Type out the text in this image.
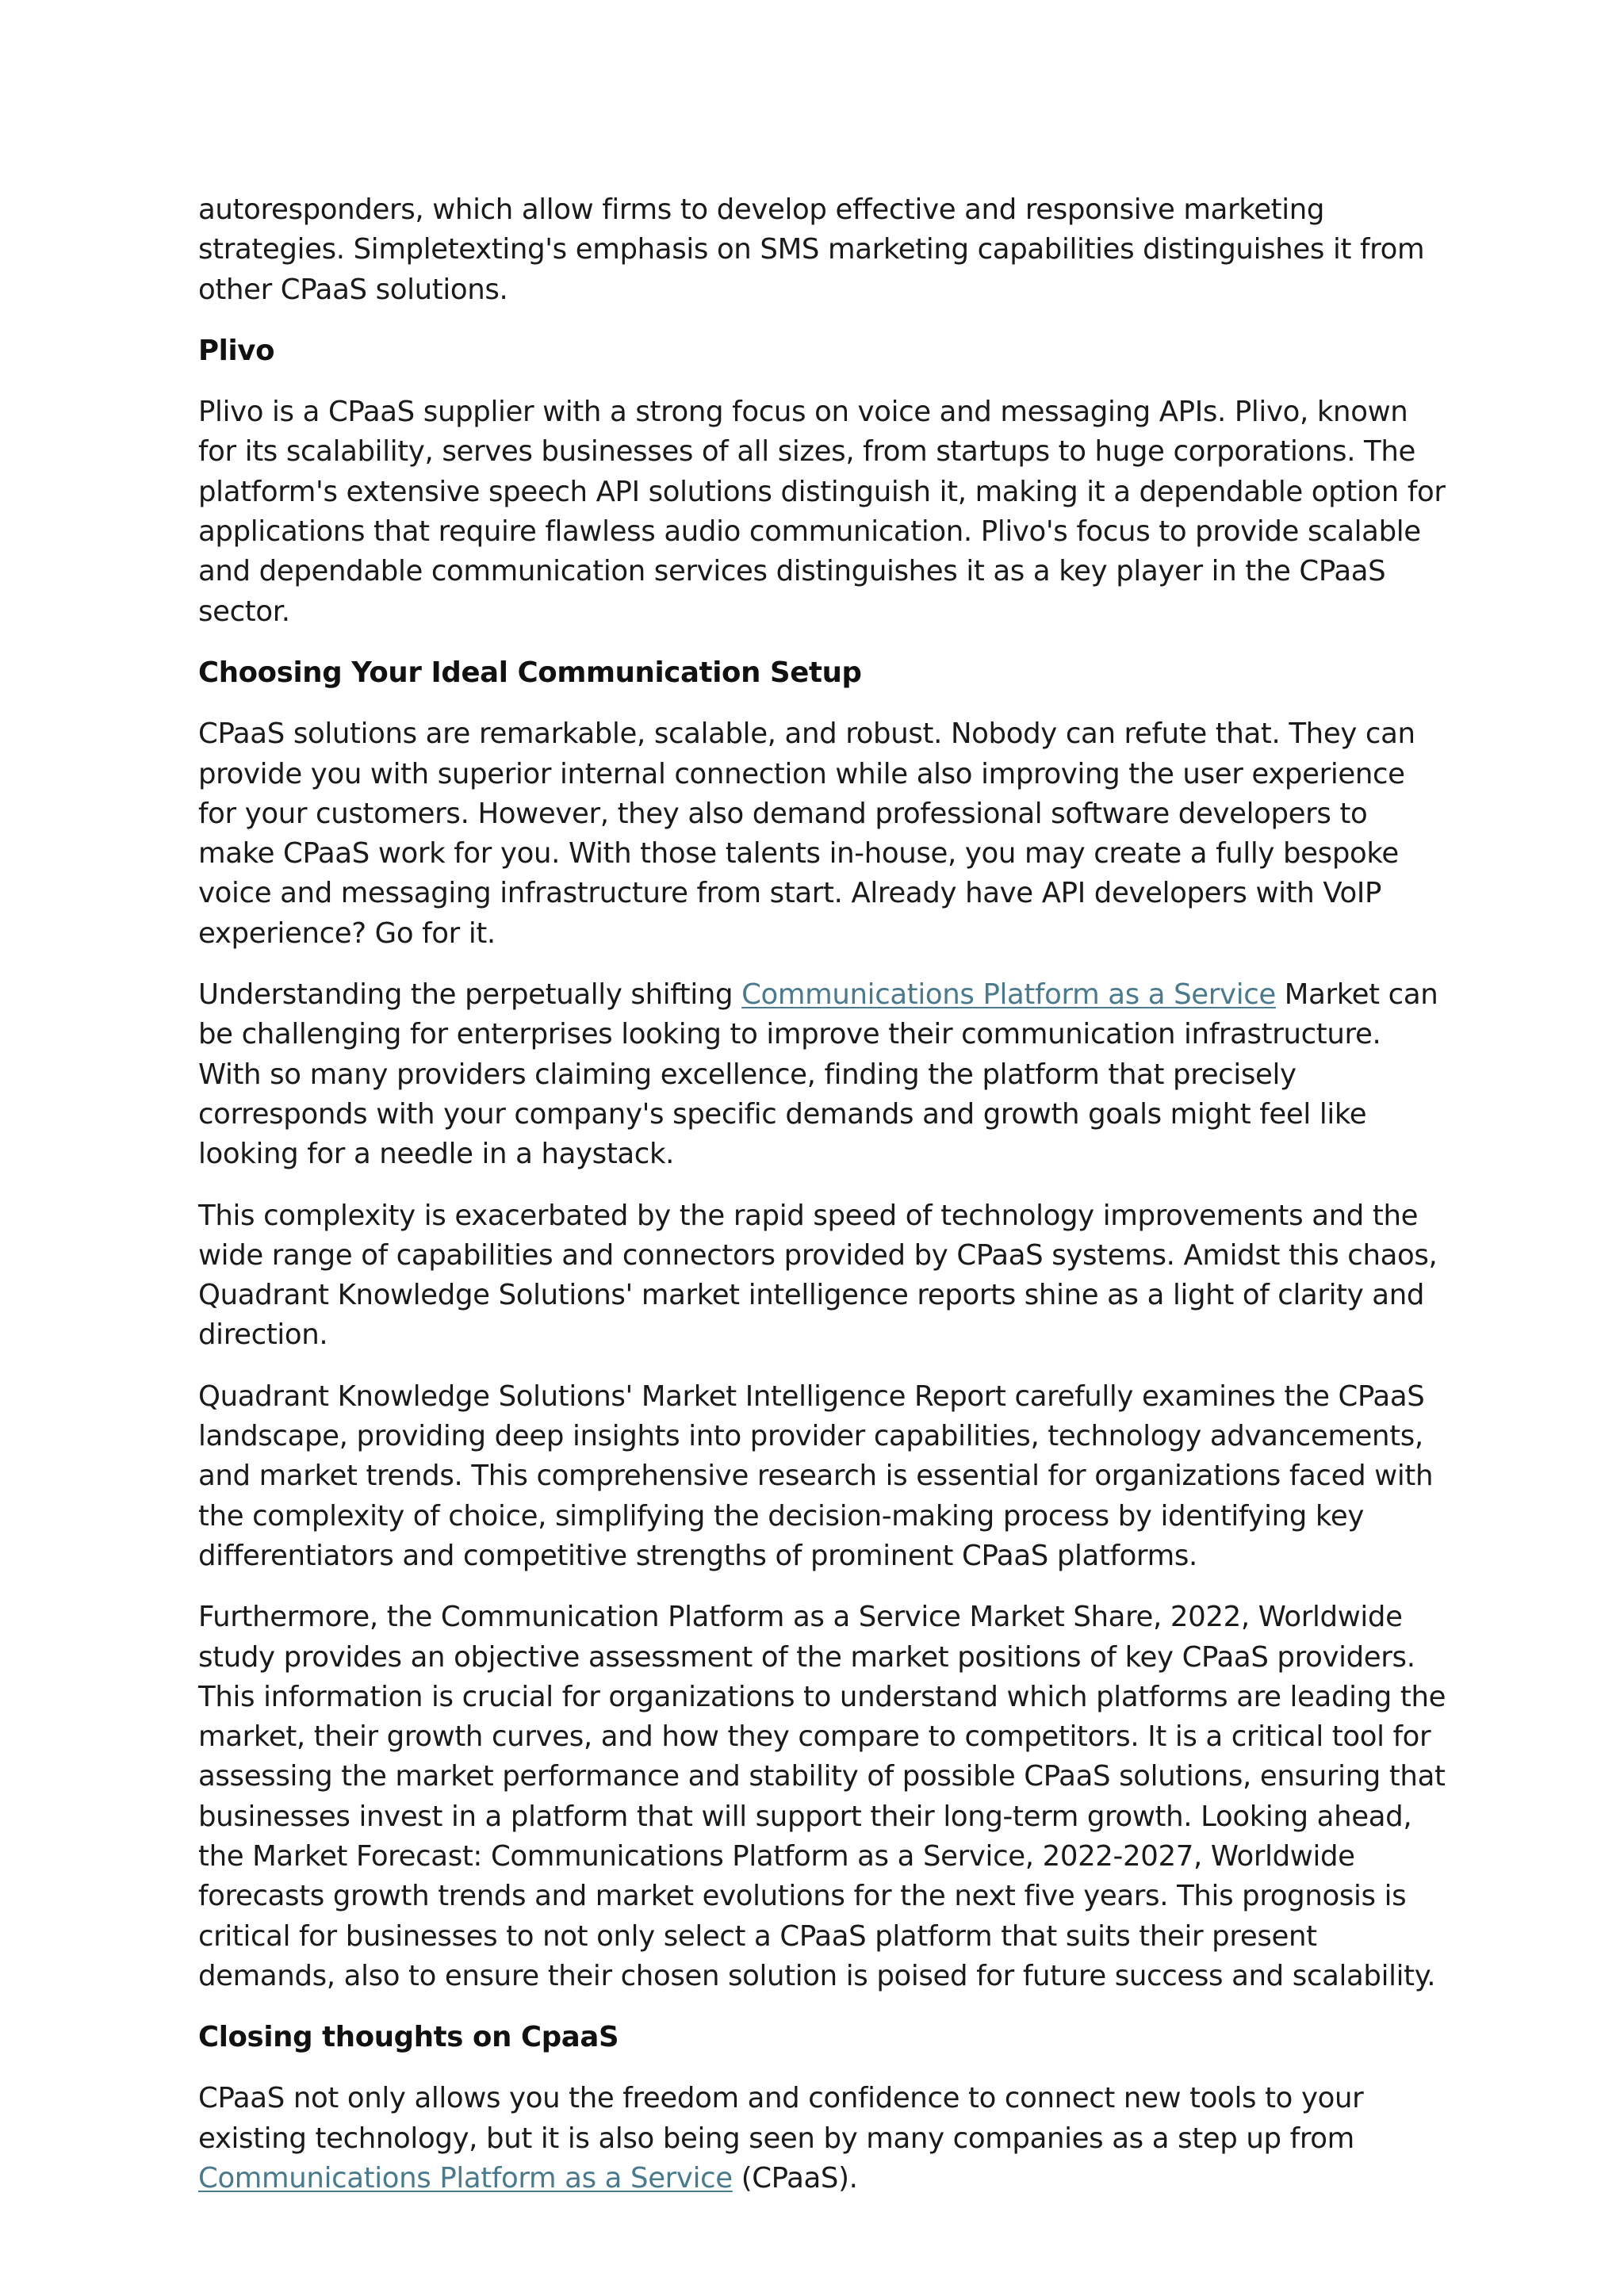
autoresponders, which allow firms to develop effective and responsive marketing strategies. Simpletexting's emphasis on SMS marketing capabilities distinguishes it from other CPaaS solutions.

Plivo

Plivo is a CPaaS supplier with a strong focus on voice and messaging APIs. Plivo, known for its scalability, serves businesses of all sizes, from startups to huge corporations. The platform's extensive speech API solutions distinguish it, making it a dependable option for applications that require flawless audio communication. Plivo's focus to provide scalable and dependable communication services distinguishes it as a key player in the CPaaS sector.

Choosing Your Ideal Communication Setup

CPaaS solutions are remarkable, scalable, and robust. Nobody can refute that. They can provide you with superior internal connection while also improving the user experience for your customers. However, they also demand professional software developers to make CPaaS work for you. With those talents in-house, you may create a fully bespoke voice and messaging infrastructure from start. Already have API developers with VoIP experience? Go for it.

Understanding the perpetually shifting Communications Platform as a Service Market can be challenging for enterprises looking to improve their communication infrastructure. With so many providers claiming excellence, finding the platform that precisely corresponds with your company's specific demands and growth goals might feel like looking for a needle in a haystack.

This complexity is exacerbated by the rapid speed of technology improvements and the wide range of capabilities and connectors provided by CPaaS systems. Amidst this chaos, Quadrant Knowledge Solutions' market intelligence reports shine as a light of clarity and direction.

Quadrant Knowledge Solutions' Market Intelligence Report carefully examines the CPaaS landscape, providing deep insights into provider capabilities, technology advancements, and market trends. This comprehensive research is essential for organizations faced with the complexity of choice, simplifying the decision-making process by identifying key differentiators and competitive strengths of prominent CPaaS platforms.

Furthermore, the Communication Platform as a Service Market Share, 2022, Worldwide study provides an objective assessment of the market positions of key CPaaS providers. This information is crucial for organizations to understand which platforms are leading the market, their growth curves, and how they compare to competitors. It is a critical tool for assessing the market performance and stability of possible CPaaS solutions, ensuring that businesses invest in a platform that will support their long-term growth. Looking ahead, the Market Forecast: Communications Platform as a Service, 2022-2027, Worldwide forecasts growth trends and market evolutions for the next five years. This prognosis is critical for businesses to not only select a CPaaS platform that suits their present demands, also to ensure their chosen solution is poised for future success and scalability.

Closing thoughts on CpaaS

CPaaS not only allows you the freedom and confidence to connect new tools to your existing technology, but it is also being seen by many companies as a step up from Communications Platform as a Service (CPaaS).
